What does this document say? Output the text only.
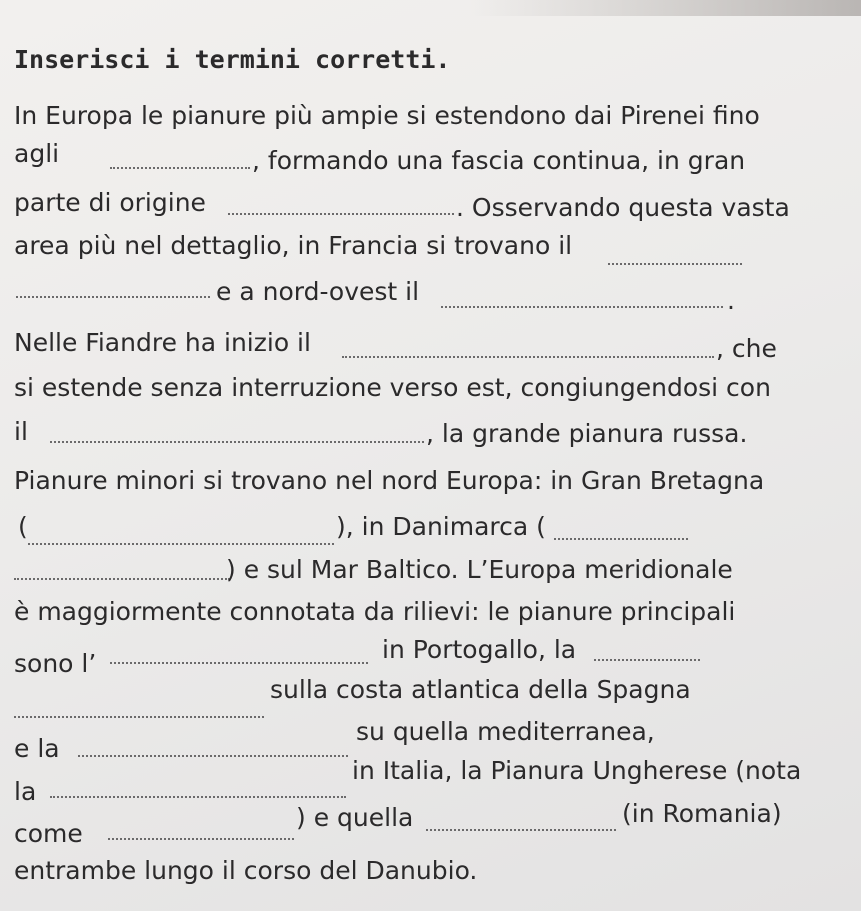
Inserisci i termini corretti.
In Europa le pianure più ampie si estendono dai Pirenei fino
agli	, formando una fascia continua, in gran
parte di origine	. Osservando questa vasta
area più nel dettaglio, in Francia si trovano il
e a nord-ovest il	.
Nelle Fiandre ha inizio il	, che
si estende senza interruzione verso est, congiungendosi con
il	, la grande pianura russa.
Pianure minori si trovano nel nord Europa: in Gran Bretagna
(	), in Danimarca (
) e sul Mar Baltico. L’Europa meridionale
è maggiormente connotata da rilievi: le pianure principali
sono l’	in Portogallo, la
sulla costa atlantica della Spagna
e la
su quella mediterranea,
la
in Italia, la Pianura Ungherese (nota
come
) e quella	(in Romania)
entrambe lungo il corso del Danubio.
